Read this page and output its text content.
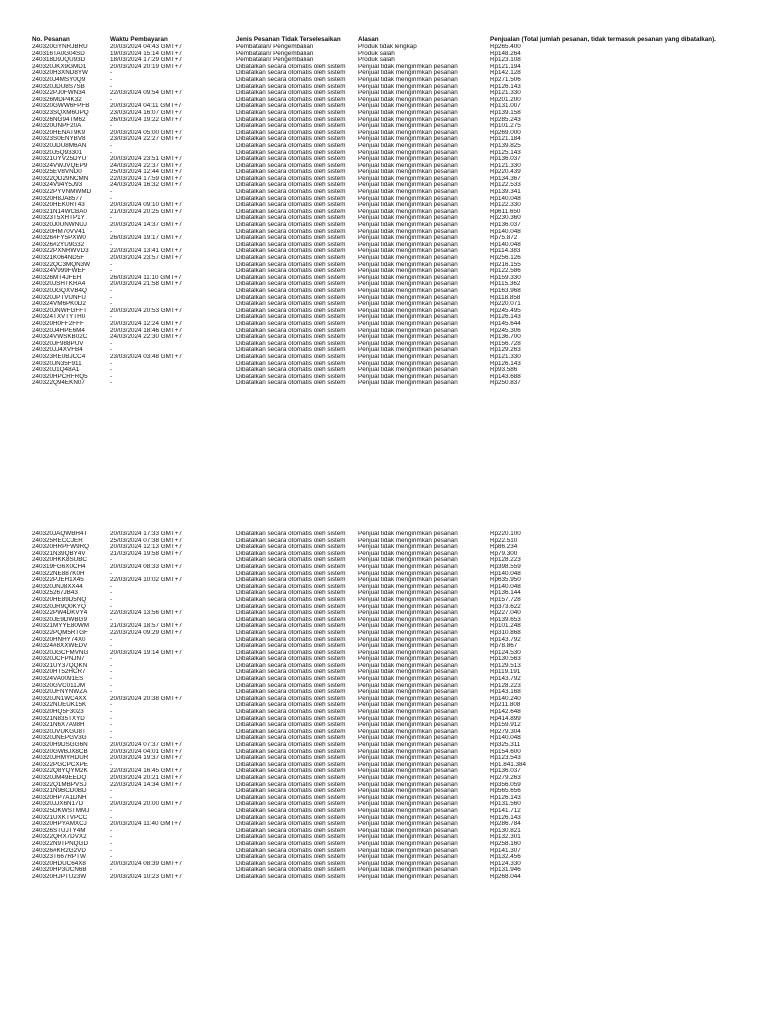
No. Pesanan	Waktu Pembayaran	Jenis Pesanan Tidak Terselesaikan	Alasan	Penjualan (Total jumlah pesanan, tidak termasuk pesanan yang dibatalkan).
240320GYNRJBRU	20/03/2024 04:43 GMT+7	Pembatalan/ Pengembalian	Produk tidak lengkap	Rp265.400
240316TA0G04SD	19/03/2024 15:14 GMT+7	Pembatalan/ Pengembalian	Produk salah	Rp148.264
240318D9JQU93D	18/03/2024 17:29 GMT+7	Pembatalan/ Pengembalian	Produk salah	Rp123.108
240320JKX9GMD1	20/03/2024 20:19 GMT+7	Dibatalkan secara otomatis oleh sistem	Penjual tidak mengirimkan pesanan	Rp121.194
240320H3XND8YW	-	Dibatalkan secara otomatis oleh sistem	Penjual tidak mengirimkan pesanan	Rp142.128
240320J4MSY0Q9	-	Dibatalkan secara otomatis oleh sistem	Penjual tidak mengirimkan pesanan	Rp271.506
240320JDU8S7SB	-	Dibatalkan secara otomatis oleh sistem	Penjual tidak mengirimkan pesanan	Rp126.143
240322PJ0FWN34	22/03/2024 09:54 GMT+7	Dibatalkan secara otomatis oleh sistem	Penjual tidak mengirimkan pesanan	Rp121.330
240326MDP4K32	-	Dibatalkan secara otomatis oleh sistem	Penjual tidak mengirimkan pesanan	Rp201.200
240320GWW6FPFB	20/03/2024 04:11 GMT+7	Dibatalkan secara otomatis oleh sistem	Penjual tidak mengirimkan pesanan	Rp131.007
240323SQXM6UPQ	23/03/2024 16:07 GMT+7	Dibatalkan secara otomatis oleh sistem	Penjual tidak mengirimkan pesanan	Rp139.158
240326NG94TM62	26/03/2024 19:22 GMT+7	Dibatalkan secara otomatis oleh sistem	Penjual tidak mengirimkan pesanan	Rp285.243
240320UNPF20A	-	Dibatalkan secara otomatis oleh sistem	Penjual tidak mengirimkan pesanan	Rp101.275
240320HENAT9K9	20/03/2024 05:00 GMT+7	Dibatalkan secara otomatis oleh sistem	Penjual tidak mengirimkan pesanan	Rp269.000
240323S0ENYBV8	23/03/2024 22:27 GMT+7	Dibatalkan secara otomatis oleh sistem	Penjual tidak mengirimkan pesanan	Rp121.184
240320JDU8M6AN	-	Dibatalkan secara otomatis oleh sistem	Penjual tidak mengirimkan pesanan	Rp139.825
240320J5Q93301	-	Dibatalkan secara otomatis oleh sistem	Penjual tidak mengirimkan pesanan	Rp125.143
240321UYV25DYU	20/03/2024 23:51 GMT+7	Dibatalkan secara otomatis oleh sistem	Penjual tidak mengirimkan pesanan	Rp136.037
240324VWJVQEP9	24/03/2024 22:37 GMT+7	Dibatalkan secara otomatis oleh sistem	Penjual tidak mengirimkan pesanan	Rp121.330
240325EV8VND0	25/03/2024 12:44 GMT+7	Dibatalkan secara otomatis oleh sistem	Penjual tidak mengirimkan pesanan	Rp220.439
240322QD29NCMN	22/03/2024 17:59 GMT+7	Dibatalkan secara otomatis oleh sistem	Penjual tidak mengirimkan pesanan	Rp134.367
240324V94Y5J93	24/03/2024 16:32 GMT+7	Dibatalkan secara otomatis oleh sistem	Penjual tidak mengirimkan pesanan	Rp122.533
240322PYVNMWMD	-	Dibatalkan secara otomatis oleh sistem	Penjual tidak mengirimkan pesanan	Rp139.341
240320H8JA8577	-	Dibatalkan secara otomatis oleh sistem	Penjual tidak mengirimkan pesanan	Rp140.048
240320HEK0RT43	20/03/2024 09:10 GMT+7	Dibatalkan secara otomatis oleh sistem	Penjual tidak mengirimkan pesanan	Rp122.330
240321N14WCBA0	21/03/2024 20:25 GMT+7	Dibatalkan secara otomatis oleh sistem	Penjual tidak mengirimkan pesanan	Rp611.650
240323T5XHTP1Y	-	Dibatalkan secara otomatis oleh sistem	Penjual tidak mengirimkan pesanan	Rp230.360
240320J0UNWNUJ	20/03/2024 14:37 GMT+7	Dibatalkan secara otomatis oleh sistem	Penjual tidak mengirimkan pesanan	Rp136.037
240320HM70VV41	-	Dibatalkan secara otomatis oleh sistem	Penjual tidak mengirimkan pesanan	Rp140.048
240326#FY5PXW0	26/03/2024 19:17 GMT+7	Dibatalkan secara otomatis oleh sistem	Penjual tidak mengirimkan pesanan	Rp75.872
240326#2YU9G32	-	Dibatalkan secara otomatis oleh sistem	Penjual tidak mengirimkan pesanan	Rp140.048
240322PXNRWVD3	22/03/2024 13:41 GMT+7	Dibatalkan secara otomatis oleh sistem	Penjual tidak mengirimkan pesanan	Rp114.383
240321K064ND5F	20/03/2024 23:57 GMT+7	Dibatalkan secara otomatis oleh sistem	Penjual tidak mengirimkan pesanan	Rp256.126
240322QC3MQN3W	-	Dibatalkan secara otomatis oleh sistem	Penjual tidak mengirimkan pesanan	Rp216.155
240324V999FWEF	-	Dibatalkan secara otomatis oleh sistem	Penjual tidak mengirimkan pesanan	Rp122.586
240326MT4JFEH	26/03/2024 11:10 GMT+7	Dibatalkan secara otomatis oleh sistem	Penjual tidak mengirimkan pesanan	Rp159.330
240320JSHTKRA4	20/03/2024 21:58 GMT+7	Dibatalkan secara otomatis oleh sistem	Penjual tidak mengirimkan pesanan	Rp115.362
240320JGQXVB4Q	-	Dibatalkan secara otomatis oleh sistem	Penjual tidak mengirimkan pesanan	Rp163.968
240320JPTVUNFU	-	Dibatalkan secara otomatis oleh sistem	Penjual tidak mengirimkan pesanan	Rp118.858
240324VM6PK0D2	-	Dibatalkan secara otomatis oleh sistem	Penjual tidak mengirimkan pesanan	Rp220.071
240320JNWFGFFT	20/03/2024 20:53 GMT+7	Dibatalkan secara otomatis oleh sistem	Penjual tidak mengirimkan pesanan	Rp245.495
240324TXVTYTH0	-	Dibatalkan secara otomatis oleh sistem	Penjual tidak mengirimkan pesanan	Rp126.143
240320H0FF2FFF	20/03/2024 12:24 GMT+7	Dibatalkan secara otomatis oleh sistem	Penjual tidak mengirimkan pesanan	Rp145.644
240320J4HPE6M4	20/03/2024 18:46 GMT+7	Dibatalkan secara otomatis oleh sistem	Penjual tidak mengirimkan pesanan	Rp245.306
240324VWSKB02C	24/03/2024 22:30 GMT+7	Dibatalkan secara otomatis oleh sistem	Penjual tidak mengirimkan pesanan	Rp136.700
240320JF988PUV	-	Dibatalkan secara otomatis oleh sistem	Penjual tidak mengirimkan pesanan	Rp156.728
240320JJ4XVFB4	-	Dibatalkan secara otomatis oleh sistem	Penjual tidak mengirimkan pesanan	Rp129.263
240323RE0BJCC4	23/03/2024 03:48 GMT+7	Dibatalkan secara otomatis oleh sistem	Penjual tidak mengirimkan pesanan	Rp121.330
240320JN35F911	-	Dibatalkan secara otomatis oleh sistem	Penjual tidak mengirimkan pesanan	Rp126.143
240320J1Q48A1	-	Dibatalkan secara otomatis oleh sistem	Penjual tidak mengirimkan pesanan	Rp93.586
240320HPCRFRQ5	-	Dibatalkan secara otomatis oleh sistem	Penjual tidak mengirimkan pesanan	Rp143.688
240322Q94EKN07	-	Dibatalkan secara otomatis oleh sistem	Penjual tidak mengirimkan pesanan	Rp250.837
240320JAQWBH4T	20/03/2024 17:33 GMT+7	Dibatalkan secara otomatis oleh sistem	Penjual tidak mengirimkan pesanan	Rp220.100
240325RECCJER	25/03/2024 07:38 GMT+7	Dibatalkan secara otomatis oleh sistem	Penjual tidak mengirimkan pesanan	Rp22.510
240320HRPFW9RQ	20/03/2024 12:13 GMT+7	Dibatalkan secara otomatis oleh sistem	Penjual tidak mengirimkan pesanan	Rp86.234
240321N39QBY4V	21/03/2024 19:58 GMT+7	Dibatalkan secara otomatis oleh sistem	Penjual tidak mengirimkan pesanan	Rp79.300
240320HKK8SUBC	-	Dibatalkan secara otomatis oleh sistem	Penjual tidak mengirimkan pesanan	Rp128.223
240319FG6X0CH4	20/03/2024 08:33 GMT+7	Dibatalkan secara otomatis oleh sistem	Penjual tidak mengirimkan pesanan	Rp398.559
240322NE887K0H	-	Dibatalkan secara otomatis oleh sistem	Penjual tidak mengirimkan pesanan	Rp140.048
240322PJEH1X45	22/03/2024 10:02 GMT+7	Dibatalkan secara otomatis oleh sistem	Penjual tidak mengirimkan pesanan	Rp635.950
240320JNJ8XX44	-	Dibatalkan secara otomatis oleh sistem	Penjual tidak mengirimkan pesanan	Rp140.048
240325267JB43	-	Dibatalkan secara otomatis oleh sistem	Penjual tidak mengirimkan pesanan	Rp136.144
240320HE89D5NQ	-	Dibatalkan secara otomatis oleh sistem	Penjual tidak mengirimkan pesanan	Rp157.728
240320JR9Q0KYQ	-	Dibatalkan secara otomatis oleh sistem	Penjual tidak mengirimkan pesanan	Rp373.622
240322PW4DKVY4	22/03/2024 13:56 GMT+7	Dibatalkan secara otomatis oleh sistem	Penjual tidak mengirimkan pesanan	Rp227.040
240320JE9DWBG9	-	Dibatalkan secara otomatis oleh sistem	Penjual tidak mengirimkan pesanan	Rp139.653
240321MYYE80WM	21/03/2024 18:57 GMT+7	Dibatalkan secara otomatis oleh sistem	Penjual tidak mengirimkan pesanan	Rp101.248
240322PQM5RTGF	22/03/2024 09:29 GMT+7	Dibatalkan secara otomatis oleh sistem	Penjual tidak mengirimkan pesanan	Rp310.868
240320HNHY74X0	-	Dibatalkan secara otomatis oleh sistem	Penjual tidak mengirimkan pesanan	Rp143.792
240324#8XXWEDV	-	Dibatalkan secara otomatis oleh sistem	Penjual tidak mengirimkan pesanan	Rp78.867
240320JGCFMVNG	20/03/2024 19:14 GMT+7	Dibatalkan secara otomatis oleh sistem	Penjual tidak mengirimkan pesanan	Rp124.530
240320JCFPNJN7	-	Dibatalkan secara otomatis oleh sistem	Penjual tidak mengirimkan pesanan	Rp130.563
240321UY37QQKN	-	Dibatalkan secara otomatis oleh sistem	Penjual tidak mengirimkan pesanan	Rp129.513
240320HT52HCR7	-	Dibatalkan secara otomatis oleh sistem	Penjual tidak mengirimkan pesanan	Rp119.191
240324VA0091ES	-	Dibatalkan secara otomatis oleh sistem	Penjual tidak mengirimkan pesanan	Rp143.792
240320GVC011JM	-	Dibatalkan secara otomatis oleh sistem	Penjual tidak mengirimkan pesanan	Rp128.223
240320JFNYNWZA	-	Dibatalkan secara otomatis oleh sistem	Penjual tidak mengirimkan pesanan	Rp143.168
240320JN1WC4XX	20/03/2024 20:38 GMT+7	Dibatalkan secara otomatis oleh sistem	Penjual tidak mengirimkan pesanan	Rp140.240
240322NUEUK15K	-	Dibatalkan secara otomatis oleh sistem	Penjual tidak mengirimkan pesanan	Rp211.808
240320HQ5F3023	-	Dibatalkan secara otomatis oleh sistem	Penjual tidak mengirimkan pesanan	Rp142.648
240321N835TXYD	-	Dibatalkan secara otomatis oleh sistem	Penjual tidak mengirimkan pesanan	Rp414.899
240321N6X7A98H	-	Dibatalkan secara otomatis oleh sistem	Penjual tidak mengirimkan pesanan	Rp159.912
240320JVUKGU8T	-	Dibatalkan secara otomatis oleh sistem	Penjual tidak mengirimkan pesanan	Rp279.304
240320JNEPGV3G	-	Dibatalkan secara otomatis oleh sistem	Penjual tidak mengirimkan pesanan	Rp140.048
240320H9DSGG6N	20/03/2024 07:37 GMT+7	Dibatalkan secara otomatis oleh sistem	Penjual tidak mengirimkan pesanan	Rp325.311
240320GWBJX8CB	20/03/2024 04:01 GMT+7	Dibatalkan secara otomatis oleh sistem	Penjual tidak mengirimkan pesanan	Rp154.600
240320JHMYRDUR	20/03/2024 19:37 GMT+7	Dibatalkan secara otomatis oleh sistem	Penjual tidak mengirimkan pesanan	Rp123.543
240322PGCPCXPE	-	Dibatalkan secara otomatis oleh sistem	Penjual tidak mengirimkan pesanan	Rp1.841.384
240322Q8YQYM2K	22/03/2024 16:45 GMT+7	Dibatalkan secara otomatis oleh sistem	Penjual tidak mengirimkan pesanan	Rp136.037
240320JM49EEDQ	20/03/2024 20:21 GMT+7	Dibatalkan secara otomatis oleh sistem	Penjual tidak mengirimkan pesanan	Rp279.263
240322Q1MBPVSJ	22/03/2024 14:34 GMT+7	Dibatalkan secara otomatis oleh sistem	Penjual tidak mengirimkan pesanan	Rp356.059
240321N9BCD0BD	-	Dibatalkan secara otomatis oleh sistem	Penjual tidak mengirimkan pesanan	Rp565.656
240320HP7A1DNH	-	Dibatalkan secara otomatis oleh sistem	Penjual tidak mengirimkan pesanan	Rp126.143
240320JJX6N17D	20/03/2024 20:00 GMT+7	Dibatalkan secara otomatis oleh sistem	Penjual tidak mengirimkan pesanan	Rp131.560
240325DKWSTMMJ	-	Dibatalkan secara otomatis oleh sistem	Penjual tidak mengirimkan pesanan	Rp141.712
240321UXKTVPCC	-	Dibatalkan secara otomatis oleh sistem	Penjual tidak mengirimkan pesanan	Rp126.143
240320HPYAMXCJ	20/03/2024 11:40 GMT+7	Dibatalkan secara otomatis oleh sistem	Penjual tidak mengirimkan pesanan	Rp286.784
240326STUJTY4M	-	Dibatalkan secara otomatis oleh sistem	Penjual tidak mengirimkan pesanan	Rp130.821
240322QRX7DVX2	-	Dibatalkan secara otomatis oleh sistem	Penjual tidak mengirimkan pesanan	Rp132.301
240322N9TPNQGD	-	Dibatalkan secara otomatis oleh sistem	Penjual tidak mengirimkan pesanan	Rp258.160
240326#KR2G2VD	-	Dibatalkan secara otomatis oleh sistem	Penjual tidak mengirimkan pesanan	Rp141.307
240323T667RPTW	-	Dibatalkan secara otomatis oleh sistem	Penjual tidak mengirimkan pesanan	Rp132.456
240320HDUC64X8	20/03/2024 08:39 GMT+7	Dibatalkan secara otomatis oleh sistem	Penjual tidak mengirimkan pesanan	Rp124.330
240320HP3UCN6B	-	Dibatalkan secara otomatis oleh sistem	Penjual tidak mengirimkan pesanan	Rp131.946
240320HJPTU23W	20/03/2024 10:23 GMT+7	Dibatalkan secara otomatis oleh sistem	Penjual tidak mengirimkan pesanan	Rp268.044
